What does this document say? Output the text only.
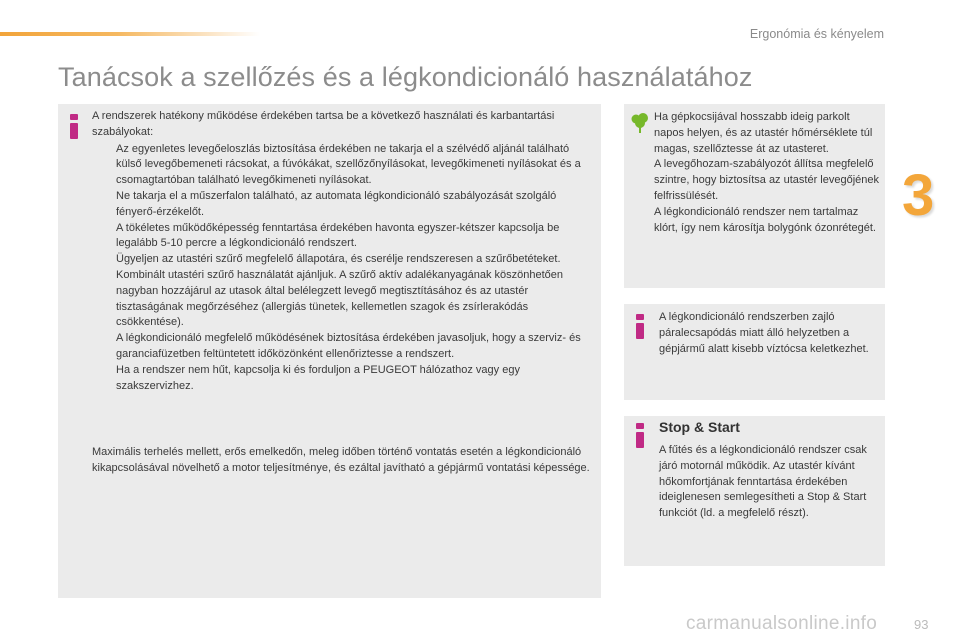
Ergonómia és kényelem
Tanácsok a szellőzés és a légkondicionáló használatához
3

A rendszerek hatékony működése érdekében tartsa be a következő használati és karbantartási szabályokat:

Az egyenletes levegőeloszlás biztosítása érdekében ne takarja el a szélvédő aljánál található külső levegőbemeneti rácsokat, a fúvókákat, szellőzőnyílásokat, levegőkimeneti nyílásokat és a csomagtartóban található levegőkimeneti nyílásokat.
Ne takarja el a műszerfalon található, az automata légkondicionáló szabályozását szolgáló fényerő-érzékelőt.
A tökéletes működőképesség fenntartása érdekében havonta egyszer-kétszer kapcsolja be legalább 5-10 percre a légkondicionáló rendszert.
Ügyeljen az utastéri szűrő megfelelő állapotára, és cserélje rendszeresen a szűrőbetéteket.
Kombinált utastéri szűrő használatát ajánljuk. A szűrő aktív adalékanyagának köszönhetően nagyban hozzájárul az utasok által belélegzett levegő megtisztításához és az utastér tisztaságának megőrzéséhez (allergiás tünetek, kellemetlen szagok és zsírlerakódás csökkentése).
A légkondicionáló megfelelő működésének biztosítása érdekében javasoljuk, hogy a szerviz- és garanciafüzetben feltüntetett időközönként ellenőriztesse a rendszert.
Ha a rendszer nem hűt, kapcsolja ki és forduljon a PEUGEOT hálózathoz vagy egy szakszervizhez.
Maximális terhelés mellett, erős emelkedőn, meleg időben történő vontatás esetén a légkondicionáló kikapcsolásával növelhető a motor teljesítménye, és ezáltal javítható a gépjármű vontatási képessége.
Ha gépkocsijával hosszabb ideig parkolt napos helyen, és az utastér hőmérséklete túl magas, szellőztesse át az utasteret.
A levegőhozam-szabályozót állítsa megfelelő szintre, hogy biztosítsa az utastér levegőjének felfrissülését.
A légkondicionáló rendszer nem tartalmaz klórt, így nem károsítja bolygónk ózonrétegét.
A légkondicionáló rendszerben zajló páralecsapódás miatt álló helyzetben a gépjármű alatt kisebb víztócsa keletkezhet.
Stop & Start
A fűtés és a légkondicionáló rendszer csak járó motornál működik. Az utastér kívánt hőkomfortjának fenntartása érdekében ideiglenesen semlegesítheti a Stop & Start funkciót (ld. a megfelelő részt).
carmanualsonline.info	93
